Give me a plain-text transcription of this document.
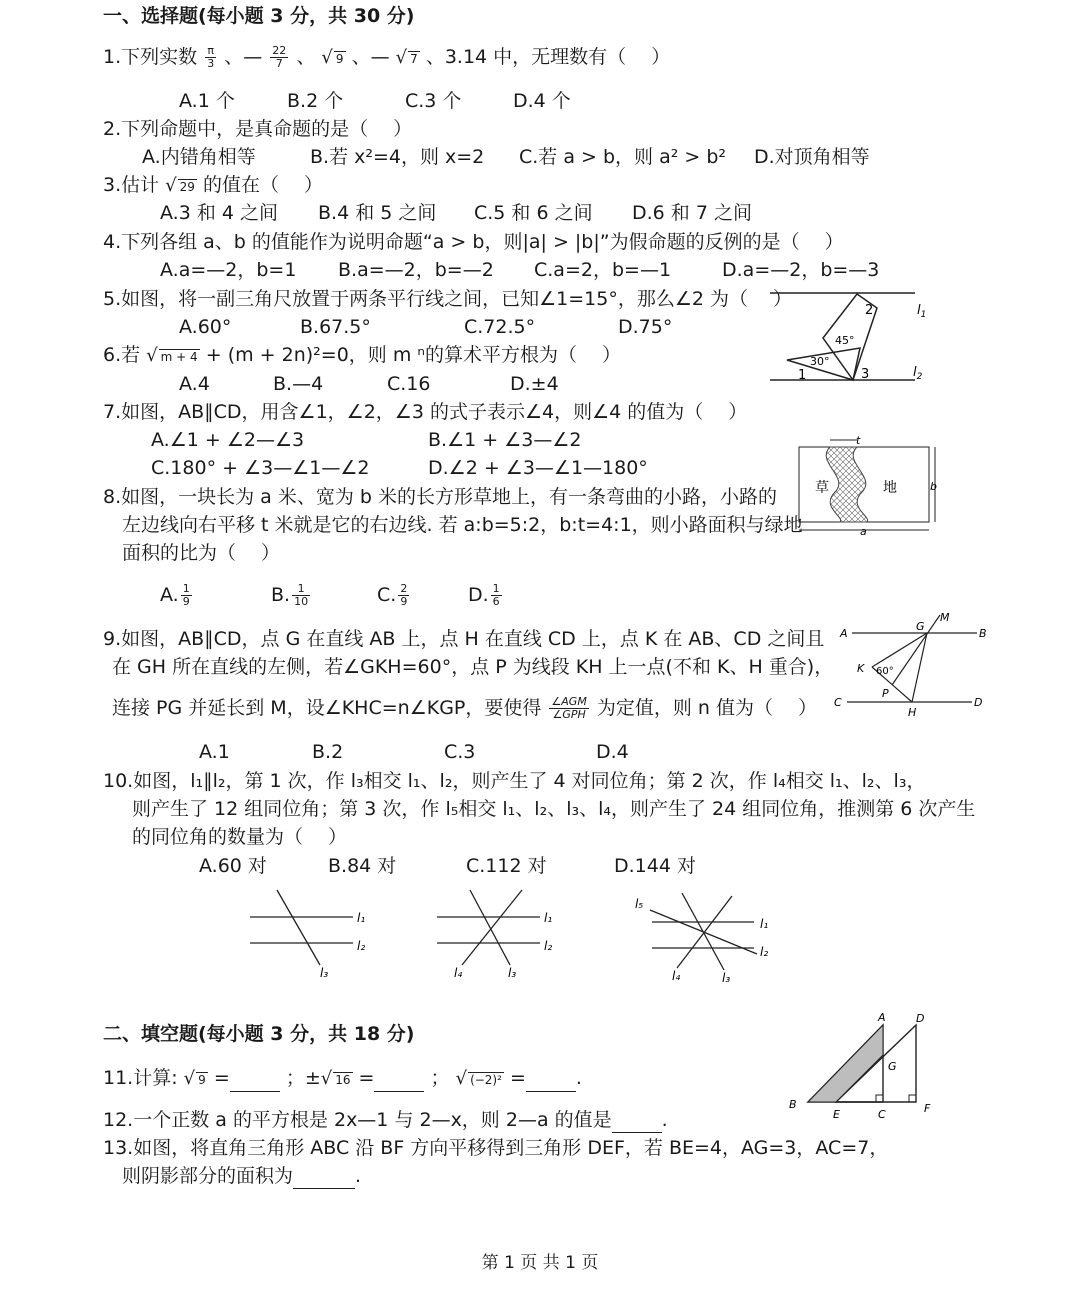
一、选择题(每小题 3 分，共 30 分)
1.下列实数 $\frac{\pi}{3}$ 、— $\frac{22}{7}$ 、 √ 9 、— √ 7 、3.14 中，无理数有（　 ）
A.1 个	B.2 个	C.3 个	D.4 个
2.下列命题中，是真命题的是（　 ）
A.内错角相等	B.若 x²=4，则 x=2 C.若 a > b，则 a² > b² D.对顶角相等
3.估计 √ 29 的值在（　 ）
A.3 和 4 之间 B.4 和 5 之间 C.5 和 6 之间 D.6 和 7 之间
4.下列各组 a、b 的值能作为说明命题“a > b，则|a| > |b|”为假命题的反例的是（　 ）
A.a=—2，b=1 B.a=—2，b=—2 C.a=2，b=—1	D.a=—2，b=—3
5.如图，将一副三角尺放置于两条平行线之间，已知∠1=15°，那么∠2 为（　 ）
A.60°	B.67.5°	C.72.5°	D.75°
2
45°
30°
1	3
$l_1$
$l_2$
6.若 √ m + 4 + (m + 2n)²=0，则 m ⁿ的算术平方根为（　 ）
A.4	B.—4	C.16	D.±4
7.如图，AB∥CD，用含∠1，∠2，∠3 的式子表示∠4，则∠4 的值为（　 ）
A.∠1 + ∠2—∠3	B.∠1 + ∠3—∠2
C.180° + ∠3—∠1—∠2	D.∠2 + ∠3—∠1—180°
8.如图，一块长为 a 米、宽为 b 米的长方形草地上，有一条弯曲的小路，小路的
左边线向右平移 t 米就是它的右边线. 若 a:b=5:2，b:t=4:1，则小路面积与绿地
面积的比为（　 ）
A. $\frac{1}{9}$	B. $\frac{1}{10}$	C. $\frac{2}{9}$	D. $\frac{1}{6}$
t
草	地	b
a
9.如图，AB∥CD，点 G 在直线 AB 上，点 H 在直线 CD 上，点 K 在 AB、CD 之间且
在 GH 所在直线的左侧，若∠GKH=60°，点 P 为线段 KH 上一点(不和 K、H 重合)，
连接 PG 并延长到 M，设∠KHC=n∠KGP，要使得 $\frac{\text{∠AGM}}{\text{∠GPH}}$ 为定值，则 n 值为（　 ）
A.1	B.2	C.3	D.4
A	B
C	D
G
M
K 60°
P
H
10.如图，l₁∥l₂，第 1 次，作 l₃相交 l₁、l₂，则产生了 4 对同位角；第 2 次，作 l₄相交 l₁、l₂、l₃，
则产生了 12 组同位角；第 3 次，作 l₅相交 l₁、l₂、l₃、l₄，则产生了 24 组同位角，推测第 6 次产生
的同位角的数量为（　 ）
A.60 对	B.84 对	C.112 对	D.144 对
l₁
l₂
l₃
l₁
l₂
l₄	l₃
l₅
l₁
l₂
l₄	l₃
二、填空题(每小题 3 分，共 18 分)
11.计算: √ 9 =	；±√ 16 =	； √ (−2)² =	.
12.一个正数 a 的平方根是 2x—1 与 2—x，则 2—a 的值是	.
13.如图，将直角三角形 ABC 沿 BF 方向平移得到三角形 DEF，若 BE=4，AG=3，AC=7，
则阴影部分的面积为	.
A	D
G
B
E	C	F
第 1 页 共 1 页
